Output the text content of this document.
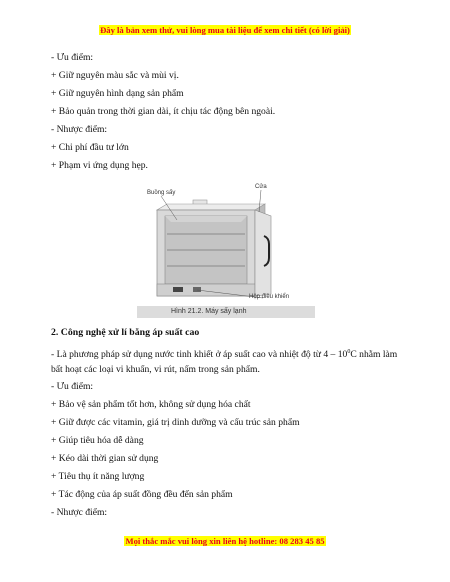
Đây là bản xem thử, vui lòng mua tài liệu để xem chi tiết (có lời giải)
- Ưu điểm:
+ Giữ nguyên màu sắc và mùi vị.
+ Giữ nguyên hình dạng sản phẩm
+ Bảo quản trong thời gian dài, ít chịu tác động bên ngoài.
- Nhược điểm:
+ Chi phí đầu tư lớn
+ Phạm vi ứng dụng hẹp.
Buồng sấy
Cửa
Hộp điều khiển
Hình 21.2. Máy sấy lạnh
2. Công nghệ xử lí bằng áp suất cao
- Là phương pháp sử dụng nước tinh khiết ở áp suất cao và nhiệt độ từ $4 - 10^0C$ nhằm làm bất hoạt các loại vi khuẩn, vi rút, nấm trong sản phẩm.
- Ưu điểm:
+ Bảo vệ sản phẩm tốt hơn, không sử dụng hóa chất
+ Giữ được các vitamin, giá trị dinh dưỡng và cấu trúc sản phẩm
+ Giúp tiêu hóa dễ dàng
+ Kéo dài thời gian sử dụng
+ Tiêu thụ ít năng lượng
+ Tác động của áp suất đồng đều đến sản phẩm
- Nhược điểm:
Mọi thắc mắc vui lòng xin liên hệ hotline: 08 283 45 85
